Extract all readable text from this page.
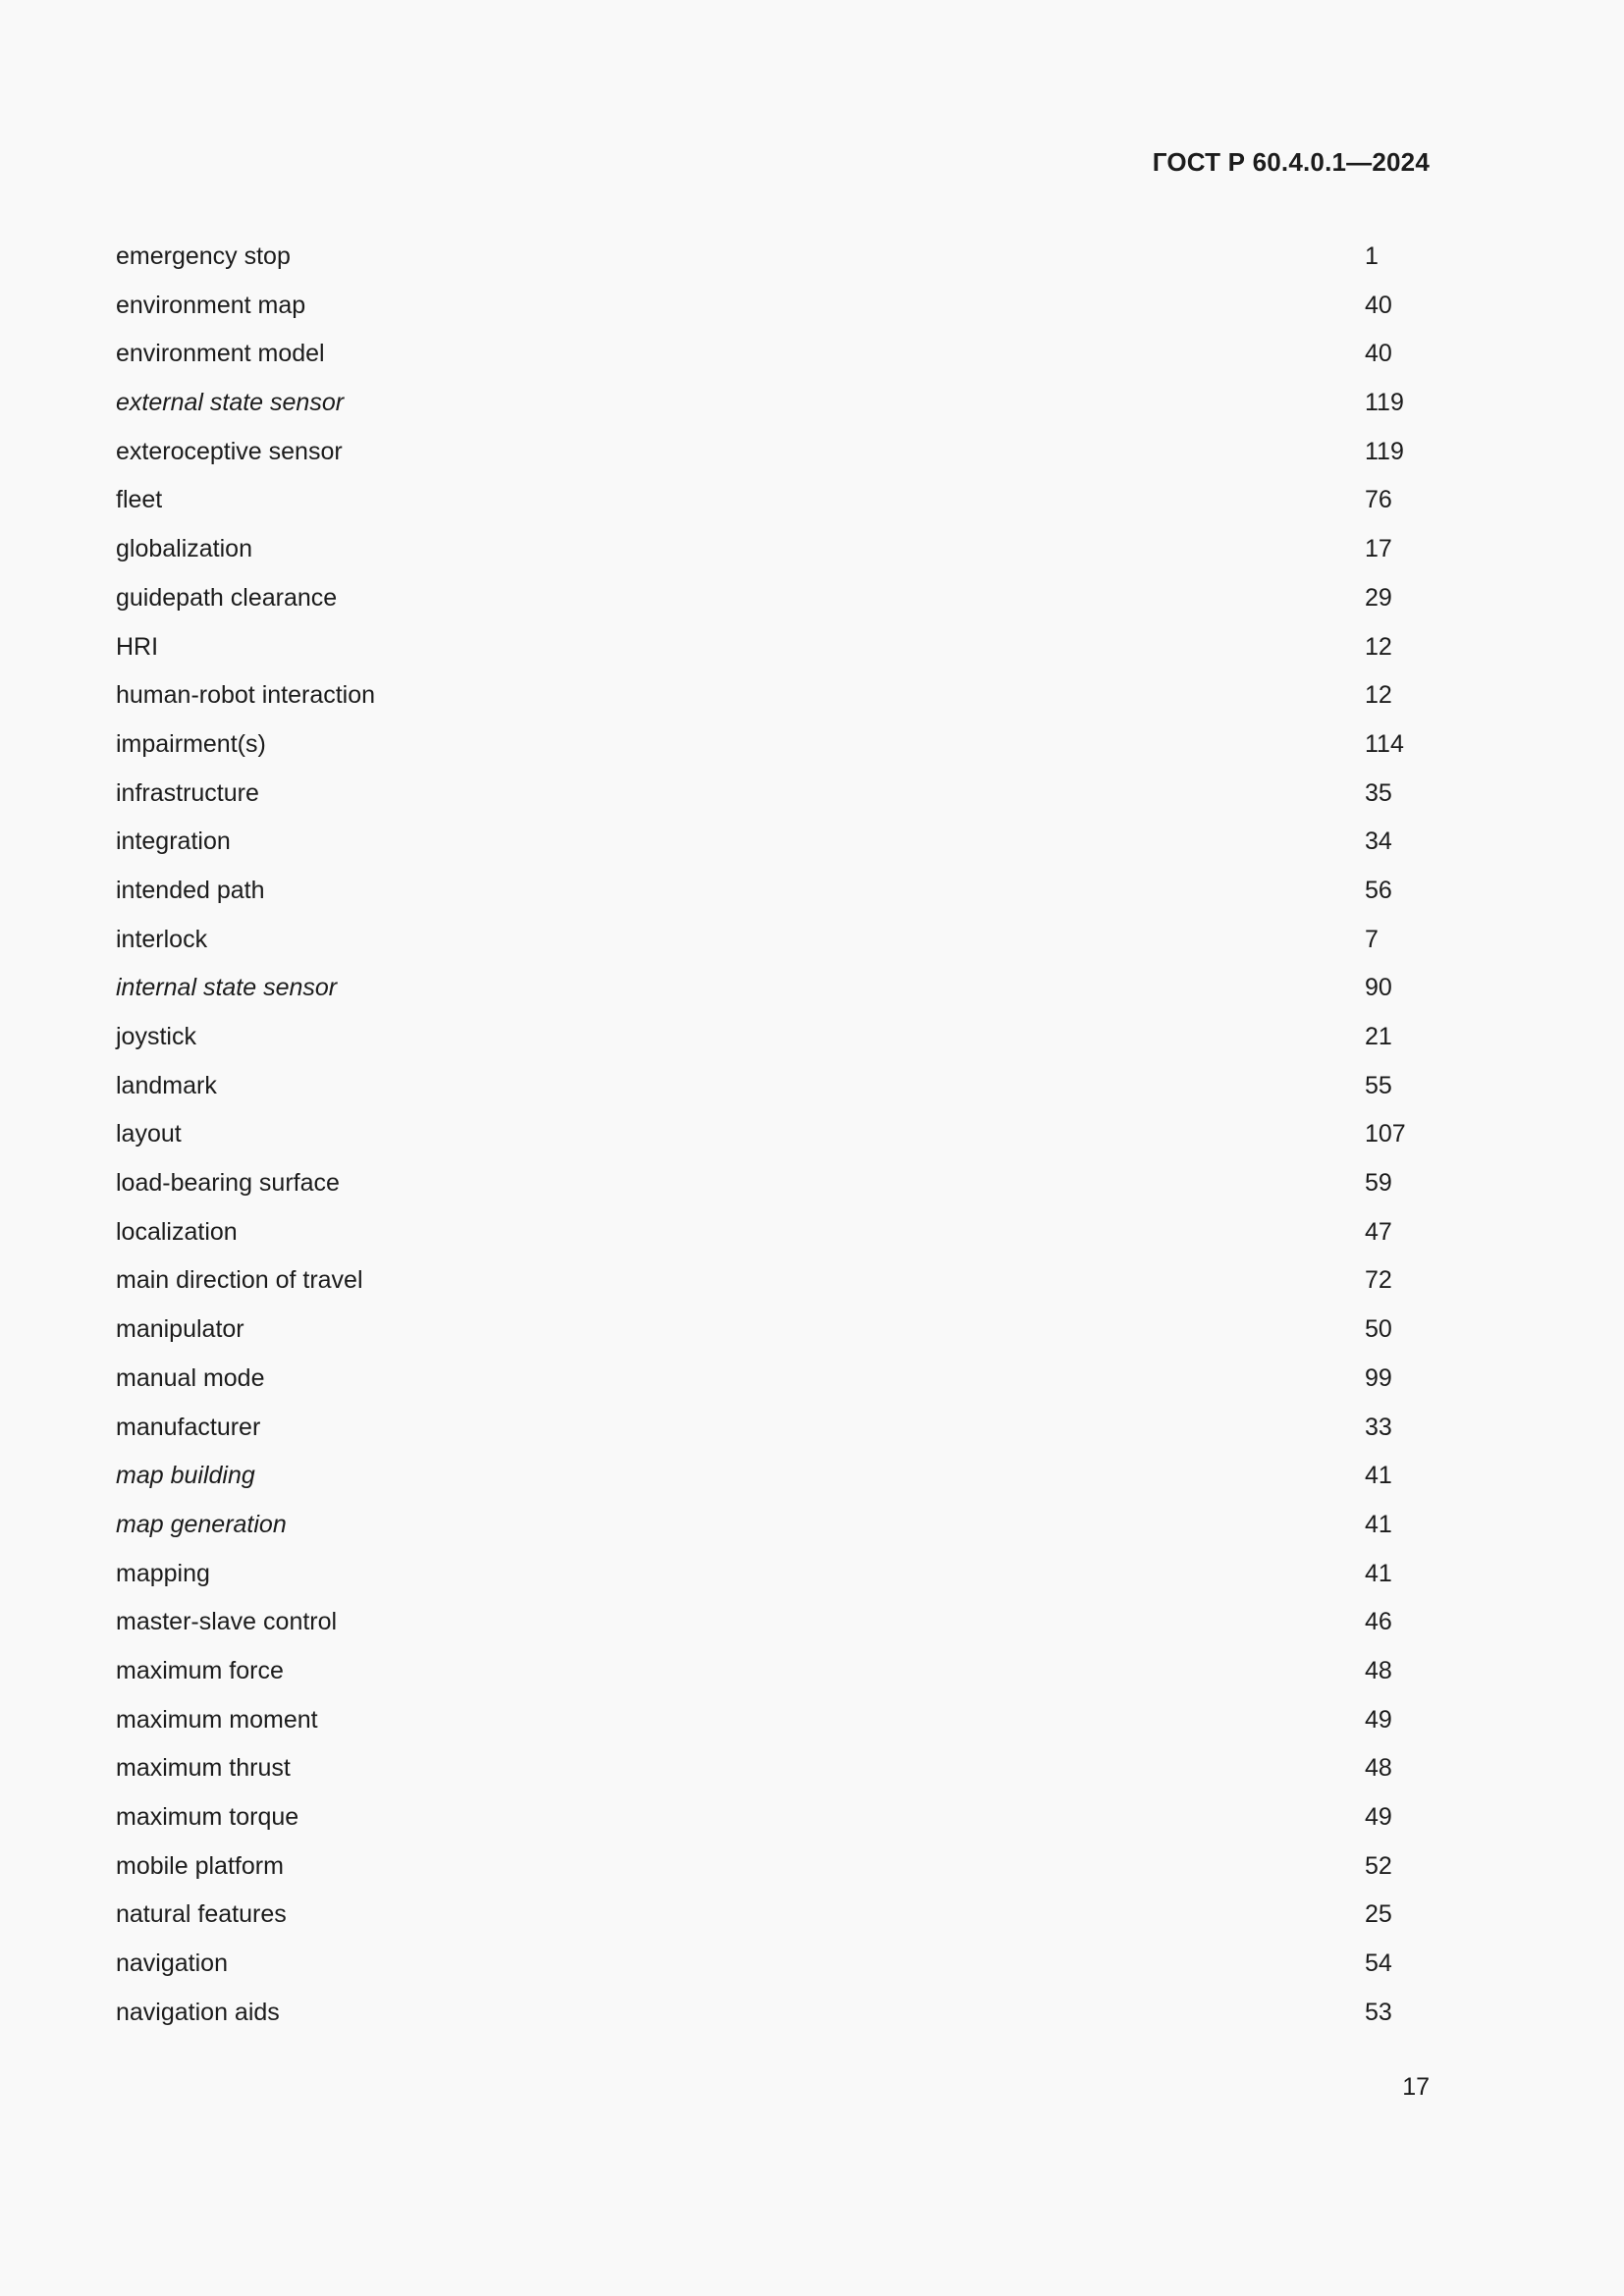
ГОСТ Р 60.4.0.1—2024
emergency stop	1
environment map	40
environment model	40
external state sensor	119
exteroceptive sensor	119
fleet	76
globalization	17
guidepath clearance	29
HRI	12
human-robot interaction	12
impairment(s)	114
infrastructure	35
integration	34
intended path	56
interlock	7
internal state sensor	90
joystick	21
landmark	55
layout	107
load-bearing surface	59
localization	47
main direction of travel	72
manipulator	50
manual mode	99
manufacturer	33
map building	41
map generation	41
mapping	41
master-slave control	46
maximum force	48
maximum moment	49
maximum thrust	48
maximum torque	49
mobile platform	52
natural features	25
navigation	54
navigation aids	53
17
